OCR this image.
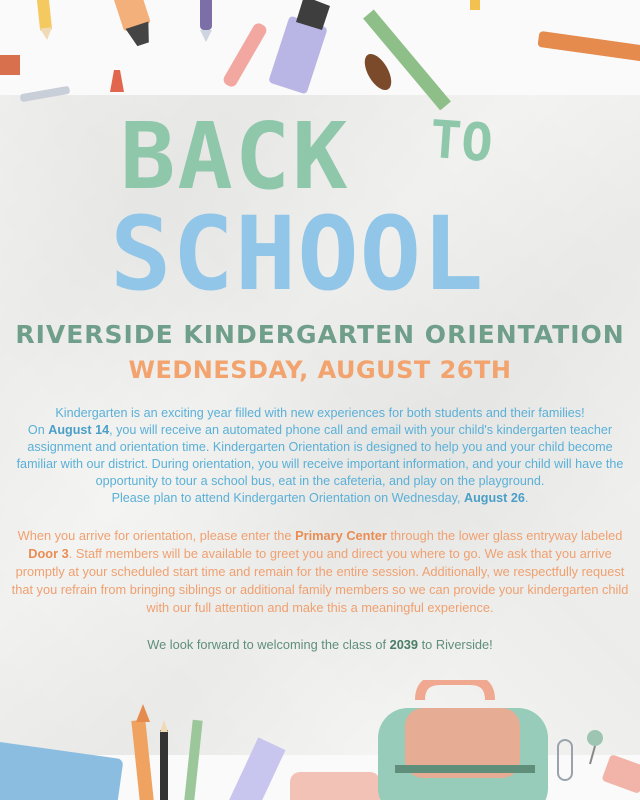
BACK	TO
SCHOOL
RIVERSIDE KINDERGARTEN ORIENTATION
WEDNESDAY, AUGUST 26TH

Kindergarten is an exciting year filled with new experiences for both students and their families!

On August 14, you will receive an automated phone call and email with your child's kindergarten teacher assignment and orientation time. Kindergarten Orientation is designed to help you and your child become familiar with our district. During orientation, you will receive important information, and your child will have the opportunity to tour a school bus, eat in the cafeteria, and play on the playground.

Please plan to attend Kindergarten Orientation on Wednesday, August 26.

When you arrive for orientation, please enter the Primary Center through the lower glass entryway labeled Door 3. Staff members will be available to greet you and direct you where to go. We ask that you arrive promptly at your scheduled start time and remain for the entire session. Additionally, we respectfully request that you refrain from bringing siblings or additional family members so we can provide your kindergarten child with our full attention and make this a meaningful experience.

We look forward to welcoming the class of 2039 to Riverside!
